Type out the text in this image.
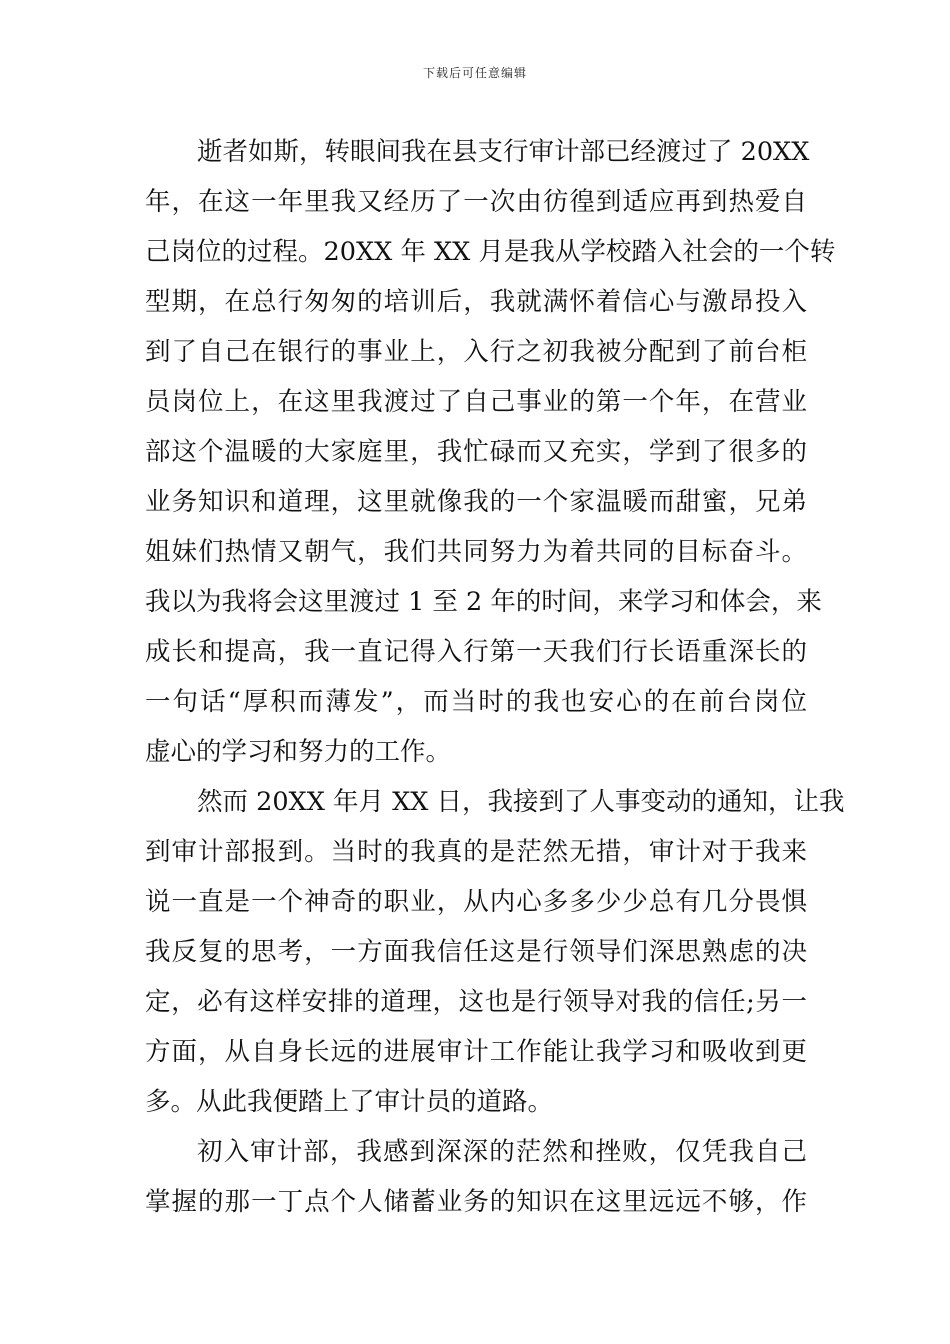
下载后可任意编辑
逝者如斯，转眼间我在县支行审计部已经渡过了 20XX
年，在这一年里我又经历了一次由彷徨到适应再到热爱自
己岗位的过程。20XX 年 XX 月是我从学校踏入社会的一个转
型期，在总行匆匆的培训后，我就满怀着信心与激昂投入
到了自己在银行的事业上，入行之初我被分配到了前台柜
员岗位上，在这里我渡过了自己事业的第一个年，在营业
部这个温暖的大家庭里，我忙碌而又充实，学到了很多的
业务知识和道理，这里就像我的一个家温暖而甜蜜，兄弟
姐妹们热情又朝气，我们共同努力为着共同的目标奋斗。
我以为我将会这里渡过 1 至 2 年的时间，来学习和体会，来
成长和提高，我一直记得入行第一天我们行长语重深长的
一句话“厚积而薄发”，而当时的我也安心的在前台岗位
虚心的学习和努力的工作。
然而 20XX 年月 XX 日，我接到了人事变动的通知，让我
到审计部报到。当时的我真的是茫然无措，审计对于我来
说一直是一个神奇的职业，从内心多多少少总有几分畏惧
我反复的思考，一方面我信任这是行领导们深思熟虑的决
定，必有这样安排的道理，这也是行领导对我的信任;另一
方面，从自身长远的进展审计工作能让我学习和吸收到更
多。从此我便踏上了审计员的道路。
初入审计部，我感到深深的茫然和挫败，仅凭我自己
掌握的那一丁点个人储蓄业务的知识在这里远远不够，作
